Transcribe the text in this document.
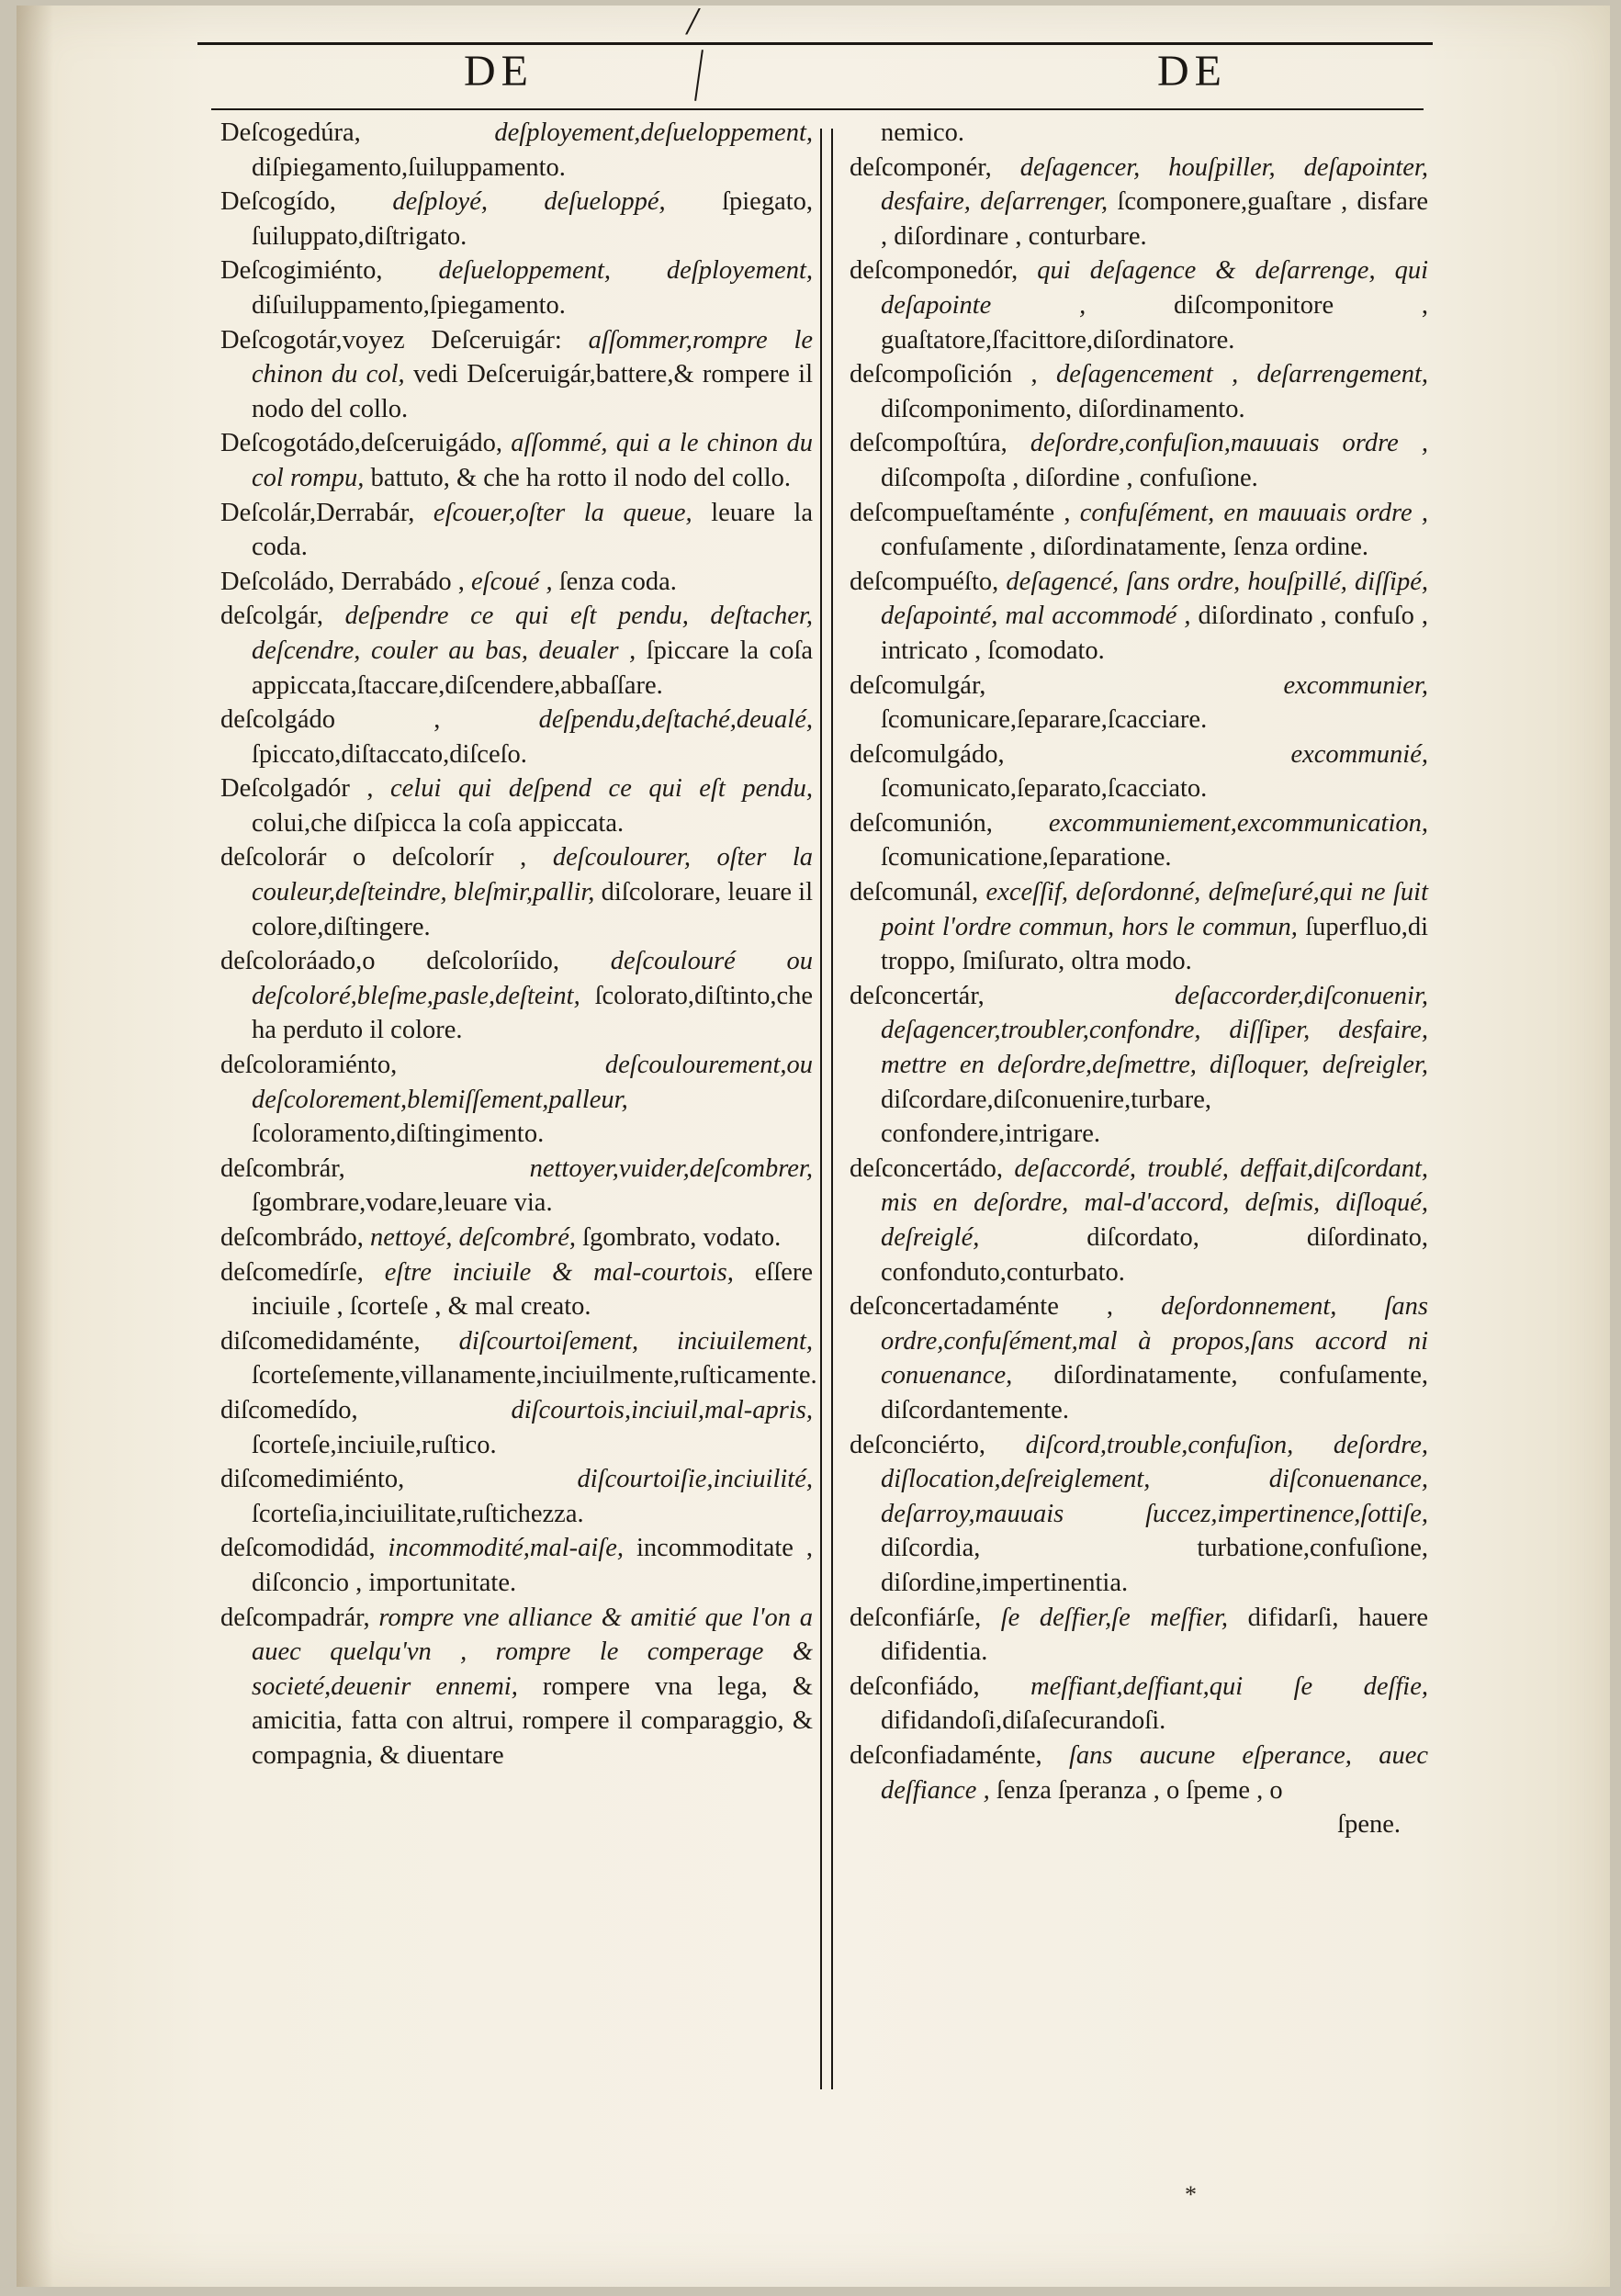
/
DE	DE
Deſcogedúra,	deſployement,deſueloppement, diſpiegamento,ſuiluppamento.
Deſcogído, deſployé, deſueloppé, ſpiegato, ſuiluppato,diſtrigato.
Deſcogimiénto, deſueloppement, deſployement, diſuiluppamento,ſpiegamento.
Deſcogotár,voyez Deſceruigár: aſſommer,rompre le chinon du col, vedi Deſceruigár,battere,& rompere il nodo del collo.
Deſcogotádo,deſceruigádo, aſſommé, qui a le chinon du col rompu, battuto, & che ha rotto il nodo del collo.
Deſcolár,Derrabár, eſcouer,oſter la queue, leuare la coda.
Deſcoládo, Derrabádo , eſcoué , ſenza coda.
deſcolgár, deſpendre ce qui eſt pendu, deſtacher, deſcendre, couler au bas, deualer , ſpiccare la coſa appiccata,ſtaccare,diſcendere,abbaſſare.
deſcolgádo ,	deſpendu,deſtaché,deualé, ſpiccato,diſtaccato,diſceſo.
Deſcolgadór , celui qui deſpend ce qui eſt pendu, colui,che diſpicca la coſa appiccata.
deſcolorár o deſcolorír , deſcoulourer, oſter la couleur,deſteindre, bleſmir,pallir, diſcolorare, leuare il colore,diſtingere.
deſcoloráado,o deſcoloríido, deſcoulouré ou deſcoloré,bleſme,pasle,deſteint, ſcolorato,diſtinto,che ha perduto il colore.
deſcoloramiénto,	deſcoulourement,ou deſcolorement,blemiſſement,palleur, ſcoloramento,diſtingimento.
deſcombrár,	nettoyer,vuider,deſcombrer, ſgombrare,vodare,leuare via.
deſcombrádo, nettoyé, deſcombré, ſgombrato, vodato.
deſcomedírſe, eſtre inciuile & mal-courtois, eſſere inciuile , ſcorteſe , & mal creato.
diſcomedidaménte, diſcourtoiſement, inciuilement, ſcorteſemente,villanamente,inciuilmente,ruſticamente.
diſcomedído,	diſcourtois,inciuil,mal-apris, ſcorteſe,inciuile,ruſtico.
diſcomedimiénto,	diſcourtoiſie,inciuilité, ſcorteſia,inciuilitate,ruſtichezza.
deſcomodidád, incommodité,mal-aiſe, incommoditate , diſconcio , importunitate.
deſcompadrár, rompre vne alliance & amitié que l'on a auec quelqu'vn , rompre le comperage & societé,deuenir ennemi, rompere vna lega, & amicitia, fatta con altrui, rompere il comparaggio, & compagnia, & diuentare
nemico.
deſcomponér, deſagencer, houſpiller, deſapointer, desfaire, deſarrenger, ſcomponere,guaſtare , disfare , diſordinare , conturbare.
deſcomponedór, qui deſagence & deſarrenge, qui deſapointe ,	diſcomponitore , guaſtatore,ſfacittore,diſordinatore.
deſcompoſición , deſagencement , deſarrengement, diſcomponimento, diſordinamento.
deſcompoſtúra, deſordre,confuſion,mauuais ordre , diſcompoſta , diſordine , confuſione.
deſcompueſtaménte , confuſément, en mauuais ordre , confuſamente , diſordinatamente, ſenza ordine.
deſcompuéſto, deſagencé, ſans ordre, houſpillé, diſſipé, deſapointé, mal accommodé , diſordinato , confuſo , intricato , ſcomodato.
deſcomulgár,	excommunier, ſcomunicare,ſeparare,ſcacciare.
deſcomulgádo,	excommunié, ſcomunicato,ſeparato,ſcacciato.
deſcomunión, excommuniement,excommunication, ſcomunicatione,ſeparatione.
deſcomunál, exceſſif, deſordonné, deſmeſuré,qui ne ſuit point l'ordre commun, hors le commun, ſuperfluo,di troppo, ſmiſurato, oltra modo.
deſconcertár,	deſaccorder,diſconuenir, deſagencer,troubler,confondre, diſſiper, desfaire, mettre en deſordre,deſmettre, diſloquer, deſreigler, diſcordare,diſconuenire,turbare, confondere,intrigare.
deſconcertádo, deſaccordé, troublé, deffait,diſcordant, mis en deſordre, mal-d'accord, deſmis, diſloqué, deſreiglé,	diſcordato, diſordinato, confonduto,conturbato.
deſconcertadaménte , deſordonnement, ſans ordre,confuſément,mal à propos,ſans accord ni conuenance, diſordinatamente, confuſamente, diſcordantemente.
deſconciérto, diſcord,trouble,confuſion, deſordre, diſlocation,deſreiglement, diſconuenance, deſarroy,mauuais ſuccez,impertinence,ſottiſe, diſcordia, turbatione,confuſione, diſordine,impertinentia.
deſconfiárſe, ſe deſfier,ſe meſfier, difidarſi, hauere difidentia.
deſconfiádo, meſfiant,deſfiant,qui ſe deſfie, difidandoſi,diſaſecurandoſi.
deſconfiadaménte, ſans aucune eſperance, auec deſfiance , ſenza ſperanza , o ſpeme , o
ſpene.
*
